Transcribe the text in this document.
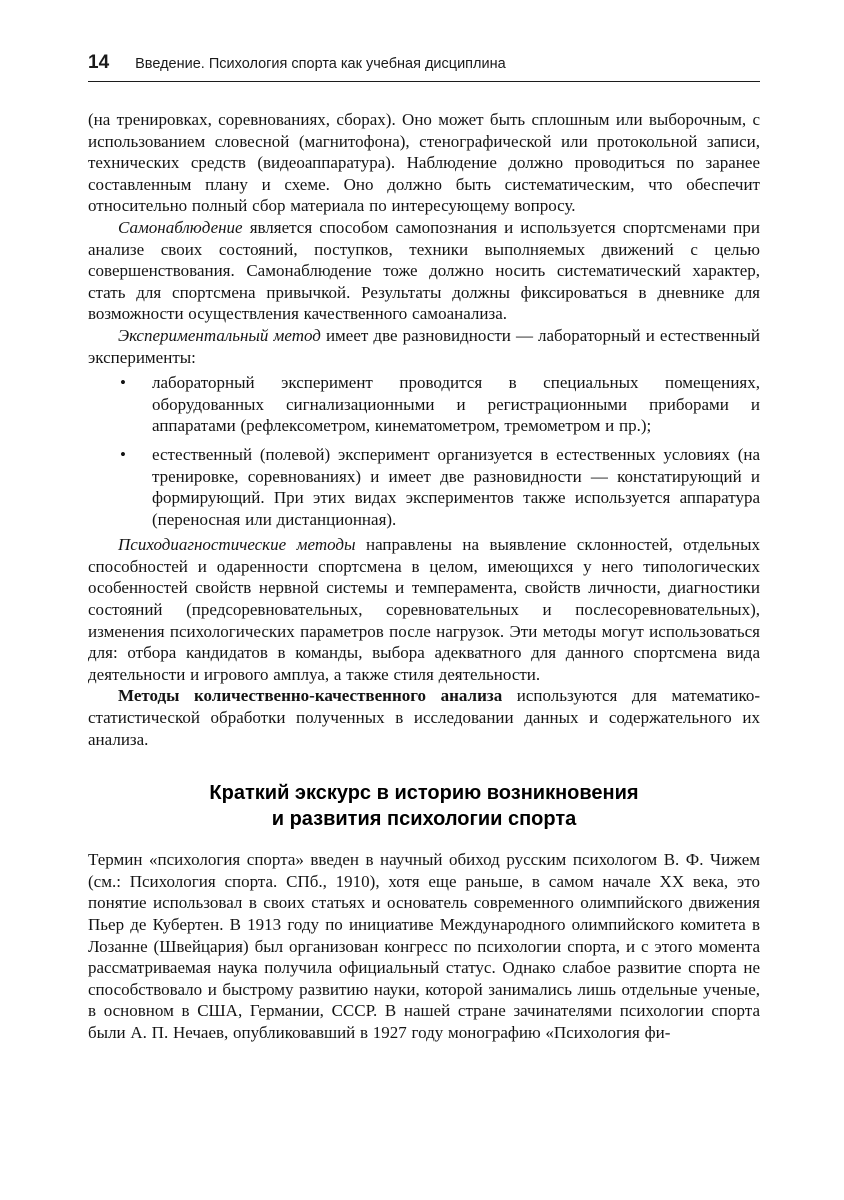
14 Введение. Психология спорта как учебная дисциплина

(на тренировках, соревнованиях, сборах). Оно может быть сплошным или выборочным, с использованием словесной (магнитофона), стенографической или протокольной записи, технических средств (видеоаппаратура). Наблюдение должно проводиться по заранее составленным плану и схеме. Оно должно быть систематическим, что обеспечит относительно полный сбор материала по интересующему вопросу.

Самонаблюдение является способом самопознания и используется спортсменами при анализе своих состояний, поступков, техники выполняемых движений с целью совершенствования. Самонаблюдение тоже должно носить систематический характер, стать для спортсмена привычкой. Результаты должны фиксироваться в дневнике для возможности осуществления качественного самоанализа.

Экспериментальный метод имеет две разновидности — лабораторный и естественный эксперименты:

• лабораторный эксперимент проводится в специальных помещениях, оборудованных сигнализационными и регистрационными приборами и аппаратами (рефлексометром, кинематометром, тремометром и пр.);
• естественный (полевой) эксперимент организуется в естественных условиях (на тренировке, соревнованиях) и имеет две разновидности — констатирующий и формирующий. При этих видах экспериментов также используется аппаратура (переносная или дистанционная).

Психодиагностические методы направлены на выявление склонностей, отдельных способностей и одаренности спортсмена в целом, имеющихся у него типологических особенностей свойств нервной системы и темперамента, свойств личности, диагностики состояний (предсоревновательных, соревновательных и послесоревновательных), изменения психологических параметров после нагрузок. Эти методы могут использоваться для: отбора кандидатов в команды, выбора адекватного для данного спортсмена вида деятельности и игрового амплуа, а также стиля деятельности.

Методы количественно-качественного анализа используются для математико-статистической обработки полученных в исследовании данных и содержательного их анализа.

Краткий экскурс в историю возникновения
и развития психологии спорта

Термин «психология спорта» введен в научный обиход русским психологом В. Ф. Чижем (см.: Психология спорта. СПб., 1910), хотя еще раньше, в самом начале XX века, это понятие использовал в своих статьях и основатель современного олимпийского движения Пьер де Кубертен. В 1913 году по инициативе Международного олимпийского комитета в Лозанне (Швейцария) был организован конгресс по психологии спорта, и с этого момента рассматриваемая наука получила официальный статус. Однако слабое развитие спорта не способствовало и быстрому развитию науки, которой занимались лишь отдельные ученые, в основном в США, Германии, СССР. В нашей стране зачинателями психологии спорта были А. П. Нечаев, опубликовавший в 1927 году монографию «Психология фи-
